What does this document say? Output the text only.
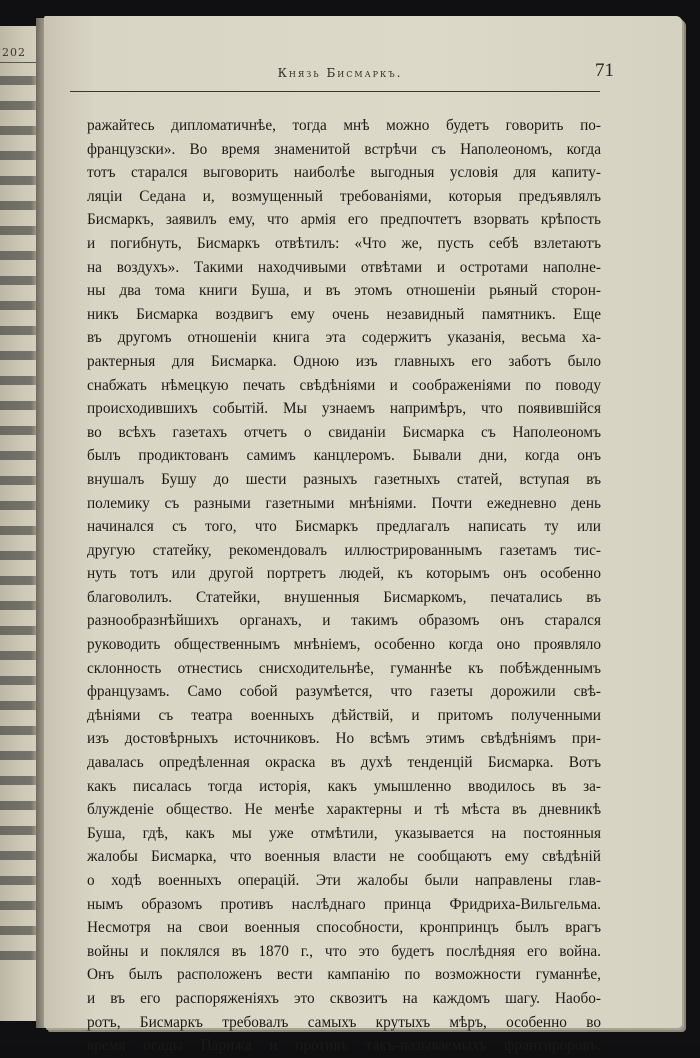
202
Князь Бисмаркъ.	71
ражайтесь дипломатичнѣе, тогда мнѣ можно будетъ говорить по-
французски». Во время знаменитой встрѣчи съ Наполеономъ, когда
тотъ старался выговорить наиболѣе выгодныя условія для капиту-
ляціи Седана и, возмущенный требованіями, которыя предъявлялъ
Бисмаркъ, заявилъ ему, что армія его предпочтетъ взорвать крѣпость
и погибнуть, Бисмаркъ отвѣтилъ: «Что же, пусть себѣ взлетаютъ
на воздухъ». Такими находчивыми отвѣтами и остротами наполне-
ны два тома книги Буша, и въ этомъ отношеніи рьяный сторон-
никъ Бисмарка воздвигъ ему очень незавидный памятникъ. Еще
въ другомъ отношеніи книга эта содержитъ указанія, весьма ха-
рактерныя для Бисмарка. Одною изъ главныхъ его заботъ было
снабжать нѣмецкую печать свѣдѣніями и соображеніями по поводу
происходившихъ событій. Мы узнаемъ напримѣръ, что появившійся
во всѣхъ газетахъ отчетъ о свиданіи Бисмарка съ Наполеономъ
былъ продиктованъ самимъ канцлеромъ. Бывали дни, когда онъ
внушалъ Бушу до шести разныхъ газетныхъ статей, вступая въ
полемику съ разными газетными мнѣніями. Почти ежедневно день
начинался съ того, что Бисмаркъ предлагалъ написать ту или
другую статейку, рекомендовалъ иллюстрированнымъ газетамъ тис-
нуть тотъ или другой портретъ людей, къ которымъ онъ особенно
благоволилъ. Статейки, внушенныя Бисмаркомъ, печатались въ
разнообразнѣйшихъ органахъ, и такимъ образомъ онъ старался
руководить общественнымъ мнѣніемъ, особенно когда оно проявляло
склонность отнестись снисходительнѣе, гуманнѣе къ побѣжденнымъ
французамъ. Само собой разумѣется, что газеты дорожили свѣ-
дѣніями съ театра военныхъ дѣйствій, и притомъ полученными
изъ достовѣрныхъ источниковъ. Но всѣмъ этимъ свѣдѣніямъ при-
давалась опредѣленная окраска въ духѣ тенденцій Бисмарка. Вотъ
какъ писалась тогда исторія, какъ умышленно вводилось въ за-
блужденіе общество. Не менѣе характерны и тѣ мѣста въ дневникѣ
Буша, гдѣ, какъ мы уже отмѣтили, указывается на постоянныя
жалобы Бисмарка, что военныя власти не сообщаютъ ему свѣдѣній
о ходѣ военныхъ операцій. Эти жалобы были направлены глав-
нымъ образомъ противъ наслѣднаго принца Фридриха-Вильгельма.
Несмотря на свои военныя способности, кронпринцъ былъ врагъ
войны и поклялся въ 1870 г., что это будетъ послѣдняя его война.
Онъ былъ расположенъ вести кампанію по возможности гуманнѣе,
и въ его распоряженіяхъ это сквозитъ на каждомъ шагу. Наобо-
ротъ, Бисмаркъ требовалъ самыхъ крутыхъ мѣръ, особенно во
время осады Парижа и противъ такъ-называемыхъ франтироровъ.
